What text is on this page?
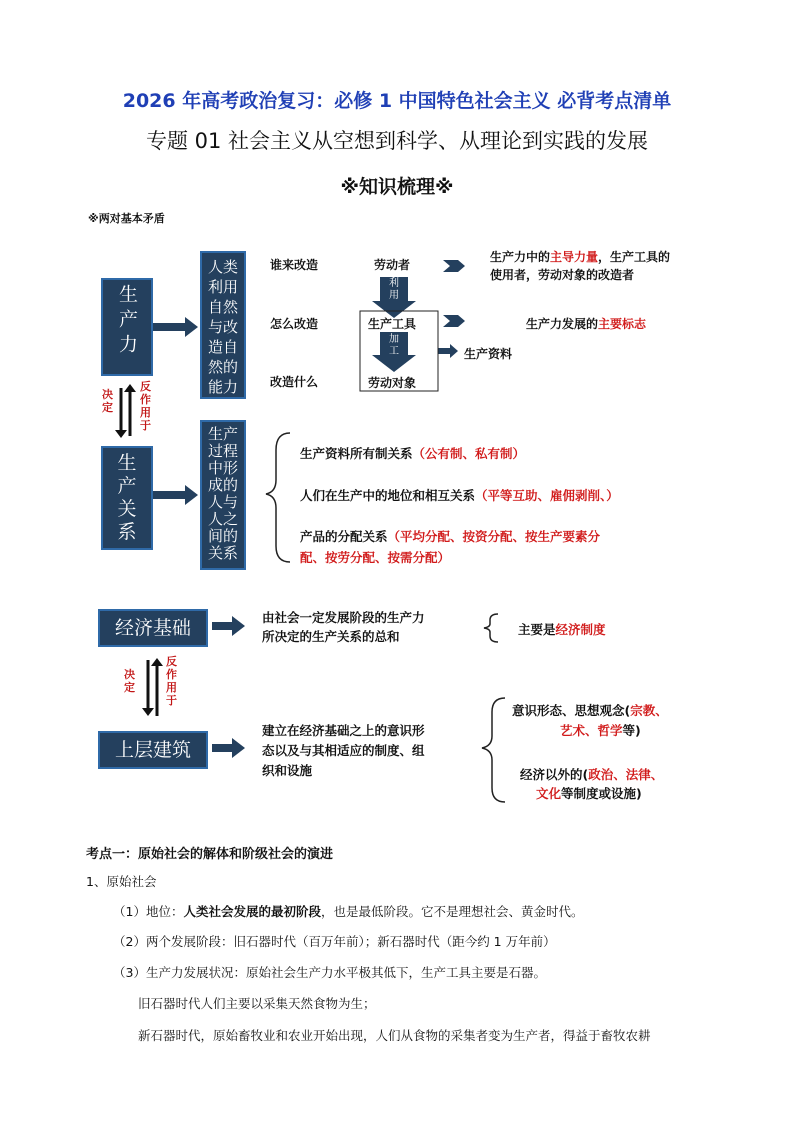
2026 年高考政治复习：必修 1 中国特色社会主义 必背考点清单
专题 01 社会主义从空想到科学、从理论到实践的发展
※知识梳理※
※两对基本矛盾
生产力
人类利用自然与改造自然的能力
谁来改造
怎么改造
改造什么
劳动者
生产工具
劳动对象
利用
加工	生产资料
生产力中的主导力量，生产工具的
使用者，劳动对象的改造者
生产力发展的主要标志
决定
反作用于
生产关系
生产过程中形成的人与人之间的关系
生产资料所有制关系（公有制、私有制）
人们在生产中的地位和相互关系（平等互助、雇佣剥削、）
产品的分配关系（平均分配、按资分配、按生产要素分
配、按劳分配、按需分配）
经济基础	由社会一定发展阶段的生产力
所决定的生产关系的总和	主要是经济制度
决定
反作用于
上层建筑
建立在经济基础之上的意识形
态以及与其相适应的制度、组
织和设施
意识形态、思想观念(宗教、
艺术、哲学等)
经济以外的(政治、法律、
文化等制度或设施)
考点一：原始社会的解体和阶级社会的演进
1、原始社会
（1）地位：人类社会发展的最初阶段，也是最低阶段。它不是理想社会、黄金时代。
（2）两个发展阶段：旧石器时代（百万年前）；新石器时代（距今约 1 万年前）
（3）生产力发展状况：原始社会生产力水平极其低下，生产工具主要是石器。
旧石器时代人们主要以采集天然食物为生；
新石器时代，原始畜牧业和农业开始出现，人们从食物的采集者变为生产者，得益于畜牧农耕
